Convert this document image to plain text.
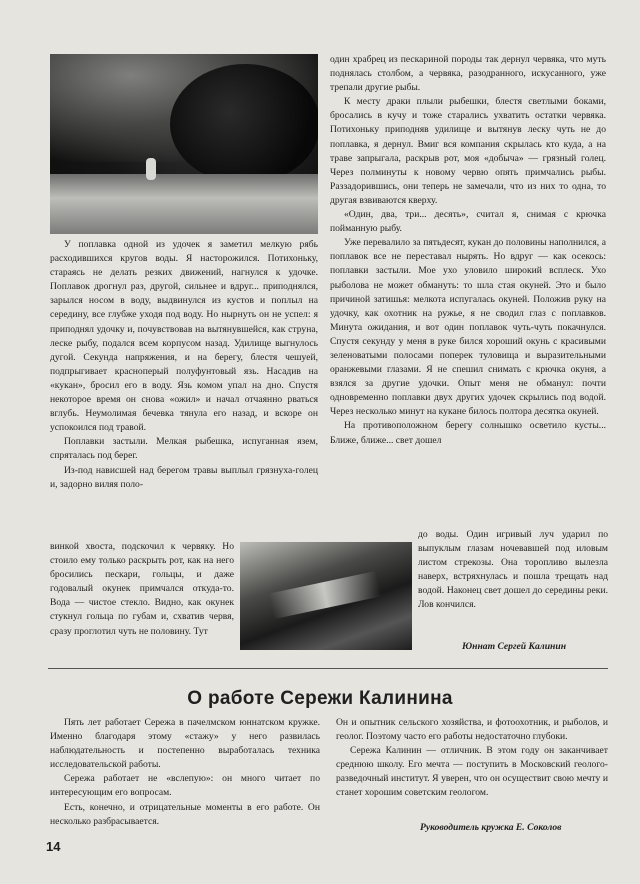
один храбрец из пескариной породы так дернул червяка, что муть поднялась столбом, а червяка, разодранного, искусанного, уже трепали другие рыбы.

К месту драки плыли рыбешки, блестя светлыми боками, бросались в кучу и тоже старались ухватить остатки червяка. Потихоньку приподняв удилище и вытянув леску чуть не до поплавка, я дернул. Вмиг вся компания скрылась кто куда, а на траве запрыгала, раскрыв рот, моя «добыча» — грязный голец. Через полминуты к новому червю опять примчались рыбы. Раззадорившись, они теперь не замечали, что из них то одна, то другая взвиваются кверху.

«Один, два, три... десять», считал я, снимая с крючка пойманную рыбу.

Уже перевалило за пятьдесят, кукан до половины наполнился, а поплавок все не переставал нырять. Но вдруг — как осекось: поплавки застыли. Мое ухо уловило широкий всплеск. Ухо рыболова не может обмануть: то шла стая окуней. Это и было причиной затишья: мелкота испугалась окуней. Положив руку на удочку, как охотник на ружье, я не сводил глаз с поплавков. Минута ожидания, и вот один поплавок чуть-чуть покачнулся. Спустя секунду у меня в руке бился хороший окунь с красивыми зеленоватыми полосами поперек туловища и выразительными оранжевыми глазами. Я не спешил снимать с крючка окуня, а взялся за другие удочки. Опыт меня не обманул: почти одновременно поплавки двух других удочек скрылись под водой. Через несколько минут на кукане билось полтора десятка окуней.

На противоположном берегу солнышко осветило кусты... Ближе, ближе... свет дошел

У поплавка одной из удочек я заметил мелкую рябь расходившихся кругов воды. Я насторожился. Потихоньку, стараясь не делать резких движений, нагнулся к удочке. Поплавок дрогнул раз, другой, сильнее и вдруг... приподнялся, зарылся носом в воду, выдвинулся из кустов и поплыл на середину, все глубже уходя под воду. Но нырнуть он не успел: я приподнял удочку и, почувствовав на вытянувшейся, как струна, леске рыбу, подался всем корпусом назад. Удилище выгнулось дугой. Секунда напряжения, и на берегу, блестя чешуей, подпрыгивает краснoперый полуфунтовый язь. Насадив на «кукан», бросил его в воду. Язь комом упал на дно. Спустя некоторое время он снова «ожил» и начал отчаянно рваться вглубь. Неумолимая бечевка тянула его назад, и вскоре он успокоился под травой.

Поплавки застыли. Мелкая рыбешка, испуганная язем, спряталась под берег.

Из-под нависшей над берегом травы выплыл грязнуха-голец и, задорно виляя поло-

винкой хвоста, подскочил к червяку. Но стоило ему только раскрыть рот, как на него бросились пескари, гольцы, и даже годовалый окунек примчался откуда-то. Вода — чистое стекло. Видно, как окунек стукнул гольца по губам и, схватив червя, сразу проглотил чуть не половину. Тут

до воды. Один игривый луч ударил по выпуклым глазам ночевавшей под иловым листом стрекозы. Она торопливо вылезла наверх, встряхнулась и пошла трещать над водой. Наконец свет дошел до середины реки. Лов кончился.

Юннат Сергей Калинин

О работе Сережи Калинина

Пять лет работает Сережа в пачелмском юннатском кружке. Именно благодаря этому «стажу» у него развилась наблюдательность и постепенно выработалась техника исследовательской работы.

Сережа работает не «вслепую»: он много читает по интересующим его вопросам.

Есть, конечно, и отрицательные моменты в его работе. Он несколько разбрасывается.

Он и опытник сельского хозяйства, и фотоохотник, и рыболов, и геолог. Поэтому часто его работы недостаточно глубоки.

Сережа Калинин — отличник. В этом году он заканчивает среднюю школу. Его мечта — поступить в Московский геолого-разведочный институт. Я уверен, что он осуществит свою мечту и станет хорошим советским геологом.

Руководитель кружка Е. Соколов

14
